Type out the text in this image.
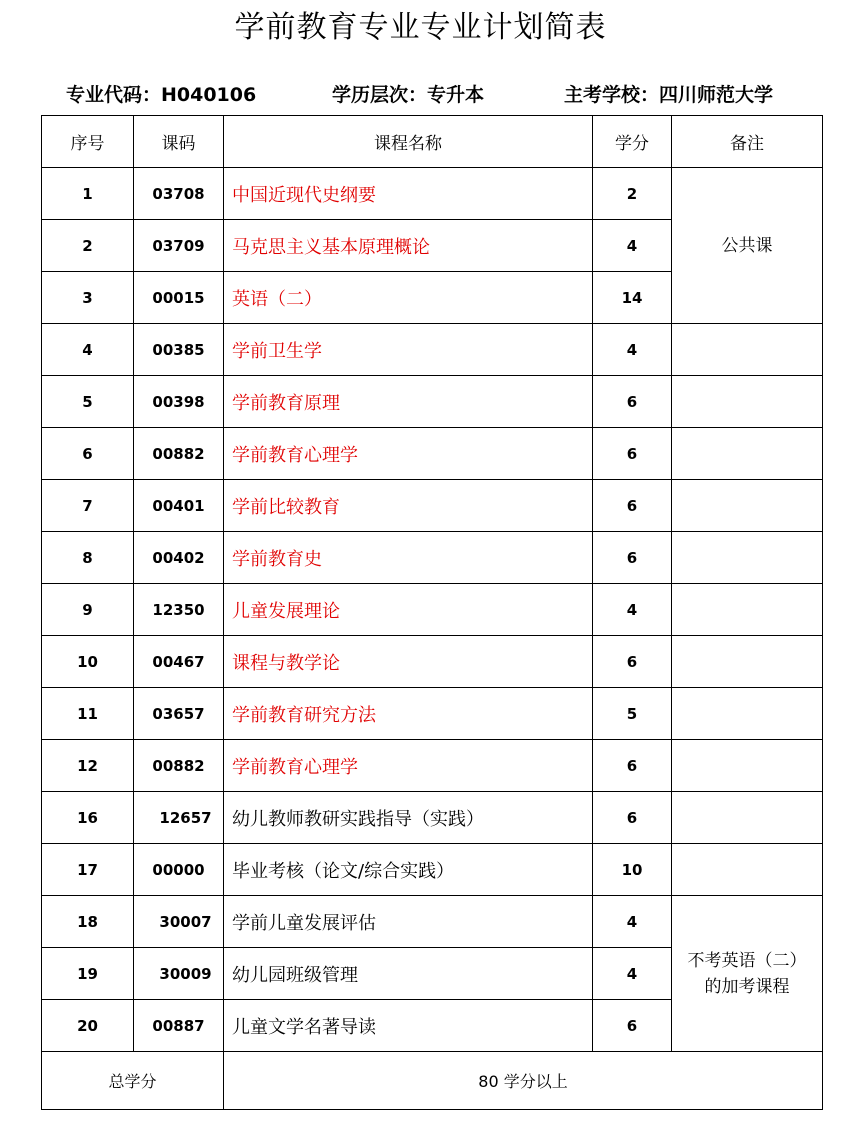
学前教育专业专业计划简表
专业代码：H040106	学历层次：专升本	主考学校：四川师范大学
序号	课码	课程名称	学分	备注
1	03708	中国近现代史纲要	2	公共课
2	03709	马克思主义基本原理概论	4	
3	00015	英语（二）	14	
4	00385	学前卫生学	4	
5	00398	学前教育原理	6	
6	00882	学前教育心理学	6	
7	00401	学前比较教育	6	
8	00402	学前教育史	6	
9	12350	儿童发展理论	4	
10	00467	课程与教学论	6	
11	03657	学前教育研究方法	5	
12	00882	学前教育心理学	6	
16	12657	幼儿教师教研实践指导（实践）	6	
17	00000	毕业考核（论文/综合实践）	10	
18	30007	学前儿童发展评估	4	不考英语（二）
的加考课程

19	30009	幼儿园班级管理	4	
20	00887	儿童文学名著导读	6	
总学分		80 学分以上		
